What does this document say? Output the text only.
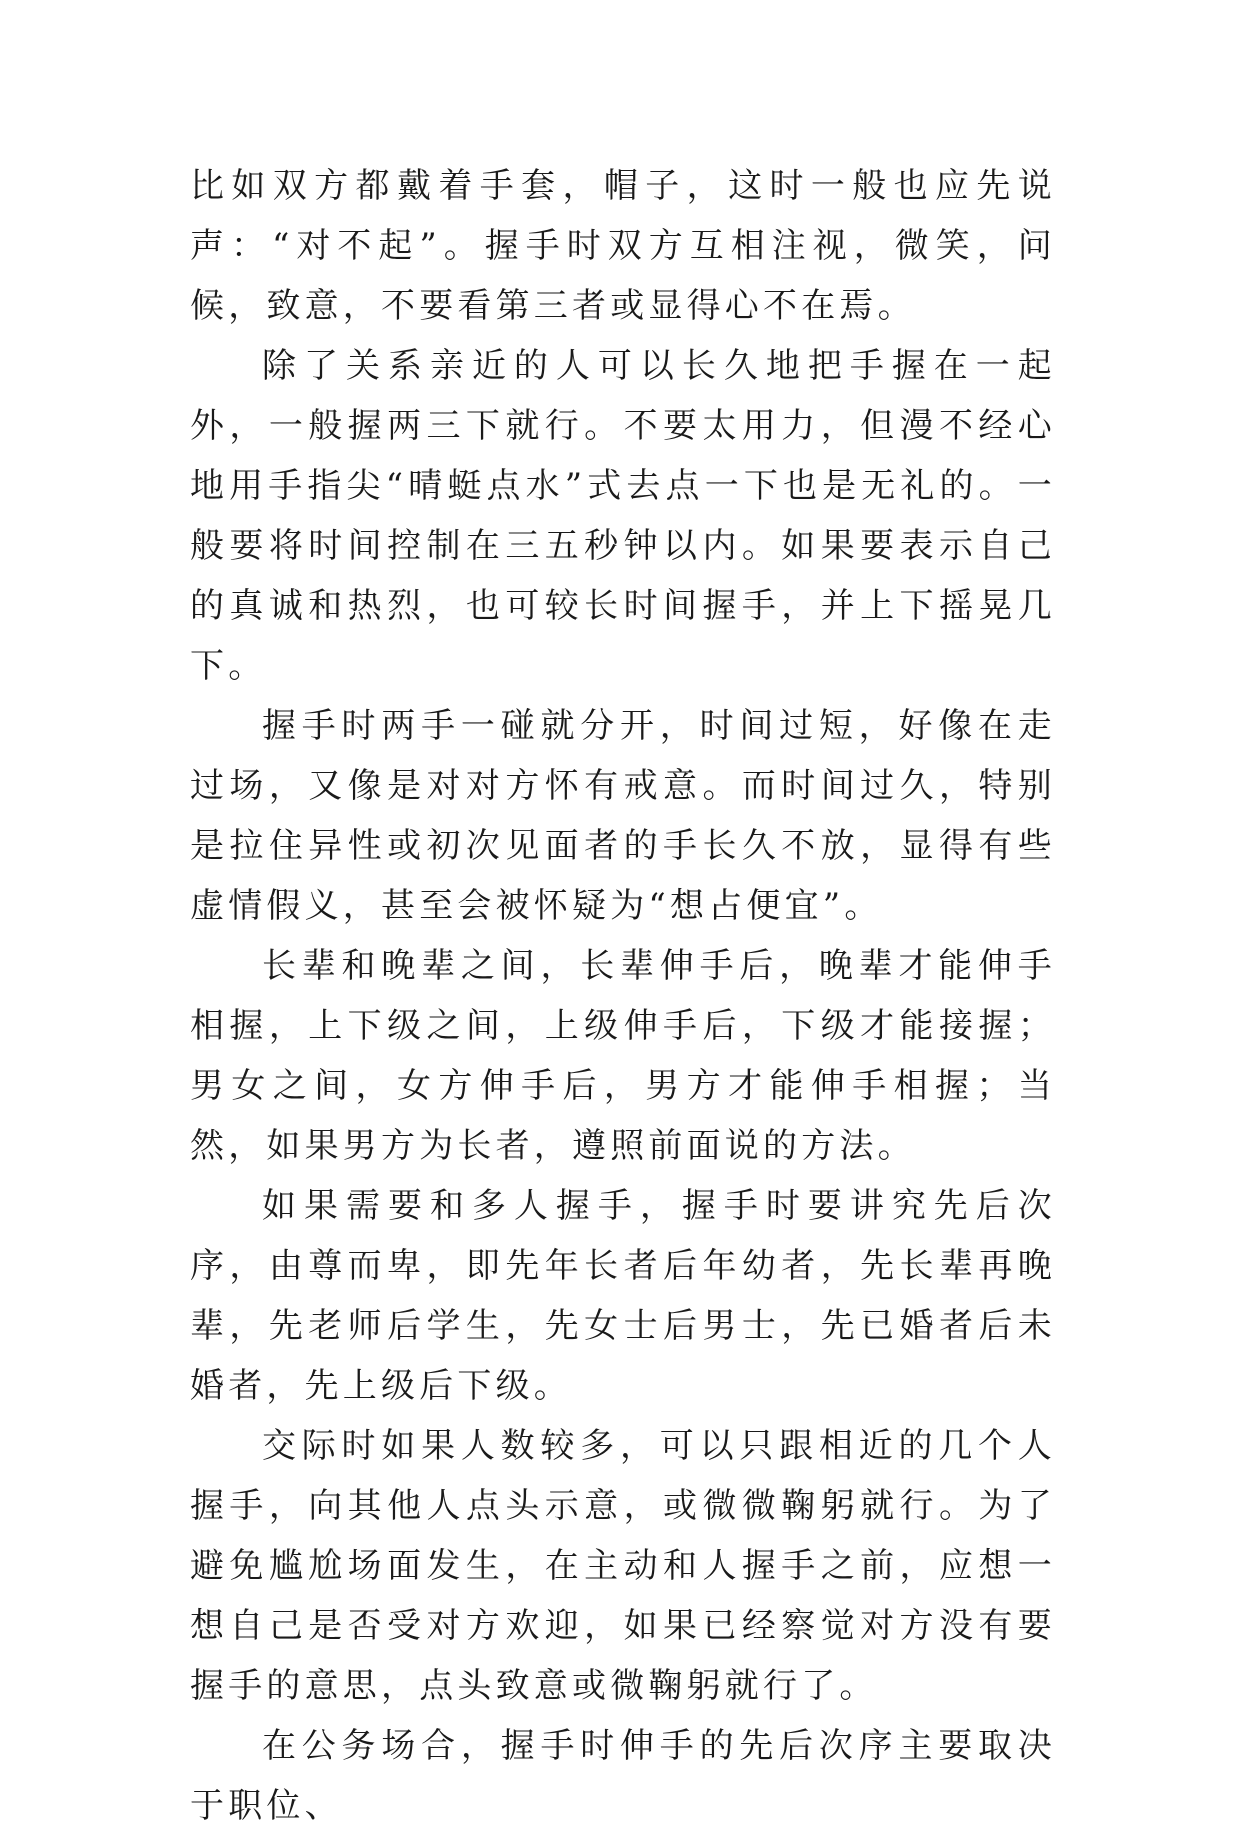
比如双方都戴着手套，帽子，这时一般也应先说声：“对不起”。握手时双方互相注视，微笑，问候，致意，不要看第三者或显得心不在焉。

除了关系亲近的人可以长久地把手握在一起外，一般握两三下就行。不要太用力，但漫不经心地用手指尖“晴蜓点水”式去点一下也是无礼的。一般要将时间控制在三五秒钟以内。如果要表示自己的真诚和热烈，也可较长时间握手，并上下摇晃几下。

握手时两手一碰就分开，时间过短，好像在走过场，又像是对对方怀有戒意。而时间过久，特别是拉住异性或初次见面者的手长久不放，显得有些虚情假义，甚至会被怀疑为“想占便宜”。

长辈和晚辈之间，长辈伸手后，晚辈才能伸手相握，上下级之间，上级伸手后，下级才能接握；男女之间，女方伸手后，男方才能伸手相握；当然，如果男方为长者，遵照前面说的方法。

如果需要和多人握手，握手时要讲究先后次序，由尊而卑，即先年长者后年幼者，先长辈再晚辈，先老师后学生，先女士后男士，先已婚者后未婚者，先上级后下级。

交际时如果人数较多，可以只跟相近的几个人握手，向其他人点头示意，或微微鞠躬就行。为了避免尴尬场面发生，在主动和人握手之前，应想一想自己是否受对方欢迎，如果已经察觉对方没有要握手的意思，点头致意或微鞠躬就行了。

在公务场合，握手时伸手的先后次序主要取决于职位、
